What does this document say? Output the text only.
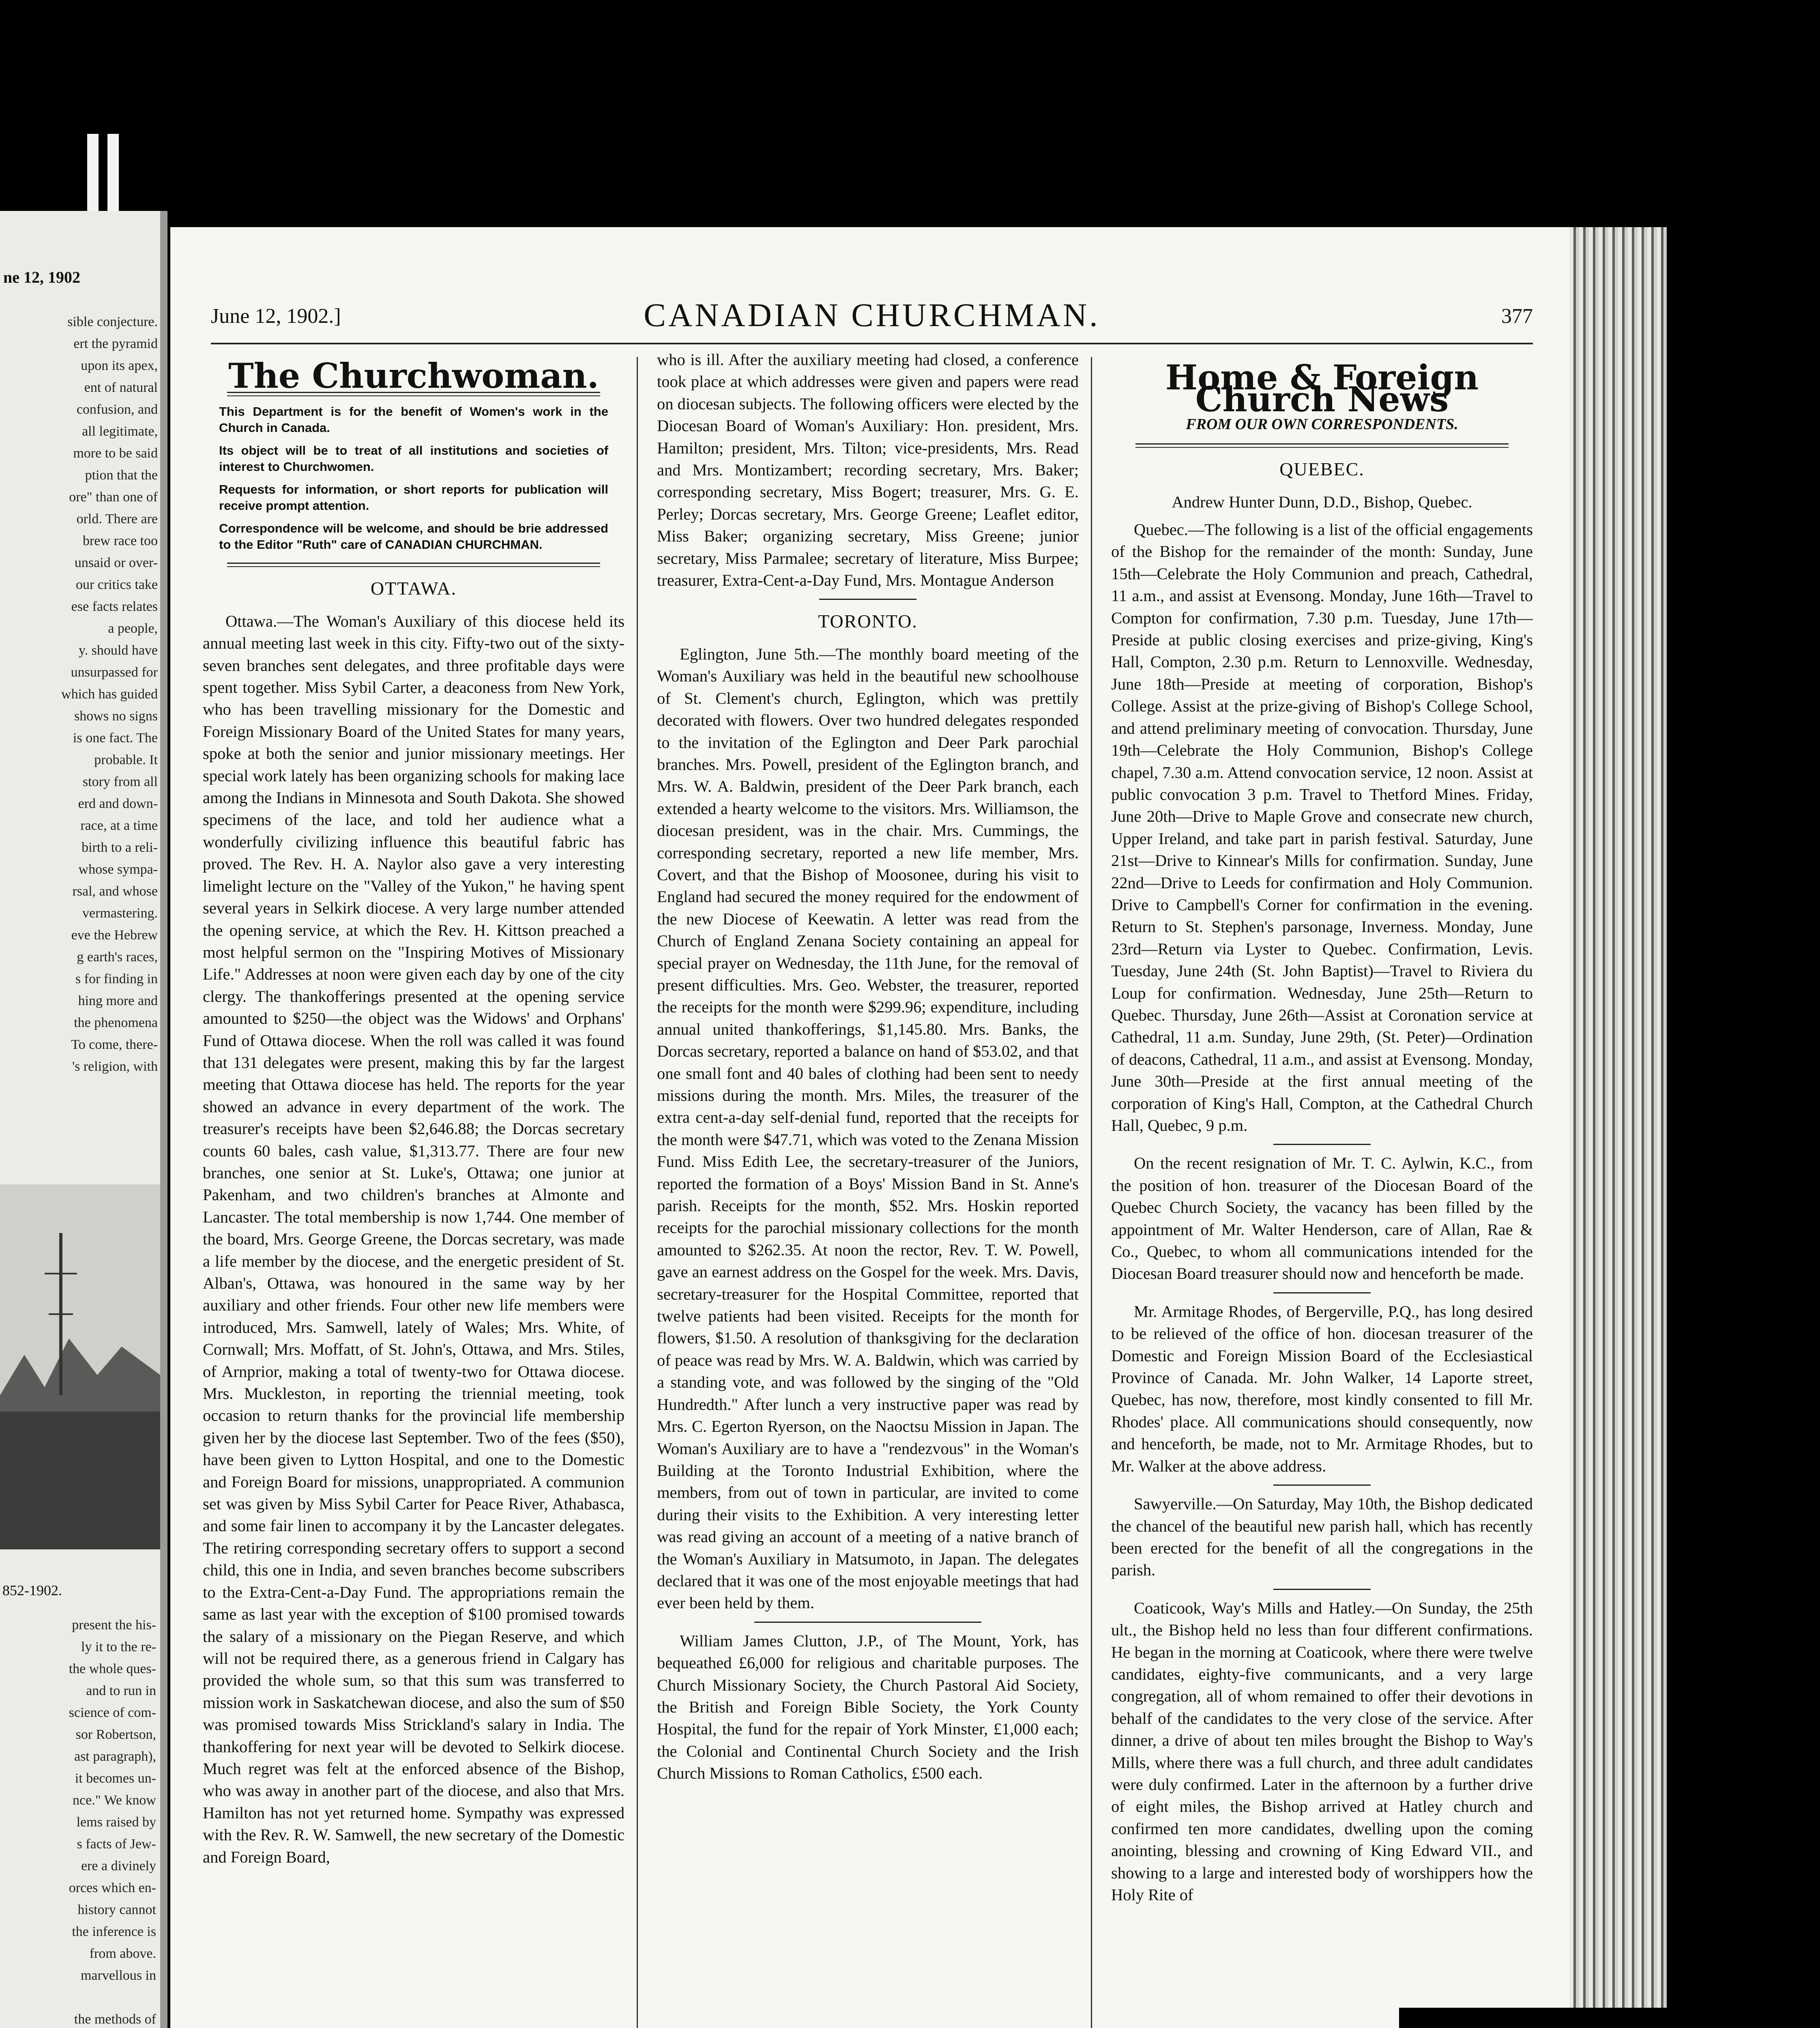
ne 12, 1902
sible conjecture.
ert the pyramid
upon its apex,
ent of natural
confusion, and
all legitimate,
more to be said
ption that the
ore" than one of
orld. There are
brew race too
unsaid or over-
our critics take
ese facts relates
a people,
y. should have
unsurpassed for
which has guided
shows no signs
is one fact. The
probable. It
story from all
erd and down-
race, at a time
birth to a reli-
whose sympa-
rsal, and whose
vermastering.
eve the Hebrew
g earth's races,
s for finding in
hing more and
the phenomena
To come, there-
's religion, with
852-1902.
present the his-
ly it to the re-
the whole ques-
and to run in
science of com-
sor Robertson,
ast paragraph),
it becomes un-
nce." We know
lems raised by
s facts of Jew-
ere a divinely
orces which en-
history cannot
the inference is
from above.
marvellous in

the methods of

June 12, 1902.]	CANADIAN CHURCHMAN.	377
The Churchwoman.

This Department is for the benefit of Women's work in the Church in Canada.

Its object will be to treat of all institutions and societies of interest to Churchwomen.

Requests for information, or short reports for publication will receive prompt attention.

Correspondence will be welcome, and should be brie addressed to the Editor "Ruth" care of CANADIAN CHURCHMAN.

OTTAWA.

Ottawa.—The Woman's Auxiliary of this diocese held its annual meeting last week in this city. Fifty-two out of the sixty-seven branches sent delegates, and three profitable days were spent together. Miss Sybil Carter, a deaconess from New York, who has been travelling missionary for the Domestic and Foreign Missionary Board of the United States for many years, spoke at both the senior and junior missionary meetings. Her special work lately has been organizing schools for making lace among the Indians in Minnesota and South Dakota. She showed specimens of the lace, and told her audience what a wonderfully civilizing influence this beautiful fabric has proved. The Rev. H. A. Naylor also gave a very interesting limelight lecture on the "Valley of the Yukon," he having spent several years in Selkirk diocese. A very large number attended the opening service, at which the Rev. H. Kittson preached a most helpful sermon on the "Inspiring Motives of Missionary Life." Addresses at noon were given each day by one of the city clergy. The thankofferings presented at the opening service amounted to $250—the object was the Widows' and Orphans' Fund of Ottawa diocese. When the roll was called it was found that 131 delegates were present, making this by far the largest meeting that Ottawa diocese has held. The reports for the year showed an advance in every department of the work. The treasurer's receipts have been $2,646.88; the Dorcas secretary counts 60 bales, cash value, $1,313.77. There are four new branches, one senior at St. Luke's, Ottawa; one junior at Pakenham, and two children's branches at Almonte and Lancaster. The total membership is now 1,744. One member of the board, Mrs. George Greene, the Dorcas secretary, was made a life member by the diocese, and the energetic president of St. Alban's, Ottawa, was honoured in the same way by her auxiliary and other friends. Four other new life members were introduced, Mrs. Samwell, lately of Wales; Mrs. White, of Cornwall; Mrs. Moffatt, of St. John's, Ottawa, and Mrs. Stiles, of Arnprior, making a total of twenty-two for Ottawa diocese. Mrs. Muckleston, in reporting the triennial meeting, took occasion to return thanks for the provincial life membership given her by the diocese last September. Two of the fees ($50), have been given to Lytton Hospital, and one to the Domestic and Foreign Board for missions, unappropriated. A communion set was given by Miss Sybil Carter for Peace River, Athabasca, and some fair linen to accompany it by the Lancaster delegates. The retiring corresponding secretary offers to support a second child, this one in India, and seven branches become subscribers to the Extra-Cent-a-Day Fund. The appropriations remain the same as last year with the exception of $100 promised towards the salary of a missionary on the Piegan Reserve, and which will not be required there, as a generous friend in Calgary has provided the whole sum, so that this sum was transferred to mission work in Saskatchewan diocese, and also the sum of $50 was promised towards Miss Strickland's salary in India. The thankoffering for next year will be devoted to Selkirk diocese. Much regret was felt at the enforced absence of the Bishop, who was away in another part of the diocese, and also that Mrs. Hamilton has not yet returned home. Sympathy was expressed with the Rev. R. W. Samwell, the new secretary of the Domestic and Foreign Board,

who is ill. After the auxiliary meeting had closed, a conference took place at which addresses were given and papers were read on diocesan subjects. The following officers were elected by the Diocesan Board of Woman's Auxiliary: Hon. president, Mrs. Hamilton; president, Mrs. Tilton; vice-presidents, Mrs. Read and Mrs. Montizambert; recording secretary, Mrs. Baker; corresponding secretary, Miss Bogert; treasurer, Mrs. G. E. Perley; Dorcas secretary, Mrs. George Greene; Leaflet editor, Miss Baker; organizing secretary, Miss Greene; junior secretary, Miss Parmalee; secretary of literature, Miss Burpee; treasurer, Extra-Cent-a-Day Fund, Mrs. Montague Anderson

TORONTO.

Eglington, June 5th.—The monthly board meeting of the Woman's Auxiliary was held in the beautiful new schoolhouse of St. Clement's church, Eglington, which was prettily decorated with flowers. Over two hundred delegates responded to the invitation of the Eglington and Deer Park parochial branches. Mrs. Powell, president of the Eglington branch, and Mrs. W. A. Baldwin, president of the Deer Park branch, each extended a hearty welcome to the visitors. Mrs. Williamson, the diocesan president, was in the chair. Mrs. Cummings, the corresponding secretary, reported a new life member, Mrs. Covert, and that the Bishop of Moosonee, during his visit to England had secured the money required for the endowment of the new Diocese of Keewatin. A letter was read from the Church of England Zenana Society containing an appeal for special prayer on Wednesday, the 11th June, for the removal of present difficulties. Mrs. Geo. Webster, the treasurer, reported the receipts for the month were $299.96; expenditure, including annual united thankofferings, $1,145.80. Mrs. Banks, the Dorcas secretary, reported a balance on hand of $53.02, and that one small font and 40 bales of clothing had been sent to needy missions during the month. Mrs. Miles, the treasurer of the extra cent-a-day self-denial fund, reported that the receipts for the month were $47.71, which was voted to the Zenana Mission Fund. Miss Edith Lee, the secretary-treasurer of the Juniors, reported the formation of a Boys' Mission Band in St. Anne's parish. Receipts for the month, $52. Mrs. Hoskin reported receipts for the parochial missionary collections for the month amounted to $262.35. At noon the rector, Rev. T. W. Powell, gave an earnest address on the Gospel for the week. Mrs. Davis, secretary-treasurer for the Hospital Committee, reported that twelve patients had been visited. Receipts for the month for flowers, $1.50. A resolution of thanksgiving for the declaration of peace was read by Mrs. W. A. Baldwin, which was carried by a standing vote, and was followed by the singing of the "Old Hundredth." After lunch a very instructive paper was read by Mrs. C. Egerton Ryerson, on the Naoctsu Mission in Japan. The Woman's Auxiliary are to have a "rendezvous" in the Woman's Building at the Toronto Industrial Exhibition, where the members, from out of town in particular, are invited to come during their visits to the Exhibition. A very interesting letter was read giving an account of a meeting of a native branch of the Woman's Auxiliary in Matsumoto, in Japan. The delegates declared that it was one of the most enjoyable meetings that had ever been held by them.

William James Clutton, J.P., of The Mount, York, has bequeathed £6,000 for religious and charitable purposes. The Church Missionary Society, the Church Pastoral Aid Society, the British and Foreign Bible Society, the York County Hospital, the fund for the repair of York Minster, £1,000 each; the Colonial and Continental Church Society and the Irish Church Missions to Roman Catholics, £500 each.

Home & Foreign Church News
FROM OUR OWN CORRESPONDENTS.
QUEBEC.

Andrew Hunter Dunn, D.D., Bishop, Quebec.

Quebec.—The following is a list of the official engagements of the Bishop for the remainder of the month: Sunday, June 15th—Celebrate the Holy Communion and preach, Cathedral, 11 a.m., and assist at Evensong. Monday, June 16th—Travel to Compton for confirmation, 7.30 p.m. Tuesday, June 17th—Preside at public closing exercises and prize-giving, King's Hall, Compton, 2.30 p.m. Return to Lennoxville. Wednesday, June 18th—Preside at meeting of corporation, Bishop's College. Assist at the prize-giving of Bishop's College School, and attend preliminary meeting of convocation. Thursday, June 19th—Celebrate the Holy Communion, Bishop's College chapel, 7.30 a.m. Attend convocation service, 12 noon. Assist at public convocation 3 p.m. Travel to Thetford Mines. Friday, June 20th—Drive to Maple Grove and consecrate new church, Upper Ireland, and take part in parish festival. Saturday, June 21st—Drive to Kinnear's Mills for confirmation. Sunday, June 22nd—Drive to Leeds for confirmation and Holy Communion. Drive to Campbell's Corner for confirmation in the evening. Return to St. Stephen's parsonage, Inverness. Monday, June 23rd—Return via Lyster to Quebec. Confirmation, Levis. Tuesday, June 24th (St. John Baptist)—Travel to Riviera du Loup for confirmation. Wednesday, June 25th—Return to Quebec. Thursday, June 26th—Assist at Coronation service at Cathedral, 11 a.m. Sunday, June 29th, (St. Peter)—Ordination of deacons, Cathedral, 11 a.m., and assist at Evensong. Monday, June 30th—Preside at the first annual meeting of the corporation of King's Hall, Compton, at the Cathedral Church Hall, Quebec, 9 p.m.

On the recent resignation of Mr. T. C. Aylwin, K.C., from the position of hon. treasurer of the Diocesan Board of the Quebec Church Society, the vacancy has been filled by the appointment of Mr. Walter Henderson, care of Allan, Rae & Co., Quebec, to whom all communications intended for the Diocesan Board treasurer should now and henceforth be made.

Mr. Armitage Rhodes, of Bergerville, P.Q., has long desired to be relieved of the office of hon. diocesan treasurer of the Domestic and Foreign Mission Board of the Ecclesiastical Province of Canada. Mr. John Walker, 14 Laporte street, Quebec, has now, therefore, most kindly consented to fill Mr. Rhodes' place. All communications should consequently, now and henceforth, be made, not to Mr. Armitage Rhodes, but to Mr. Walker at the above address.

Sawyerville.—On Saturday, May 10th, the Bishop dedicated the chancel of the beautiful new parish hall, which has recently been erected for the benefit of all the congregations in the parish.

Coaticook, Way's Mills and Hatley.—On Sunday, the 25th ult., the Bishop held no less than four different confirmations. He began in the morning at Coaticook, where there were twelve candidates, eighty-five communicants, and a very large congregation, all of whom remained to offer their devotions in behalf of the candidates to the very close of the service. After dinner, a drive of about ten miles brought the Bishop to Way's Mills, where there was a full church, and three adult candidates were duly confirmed. Later in the afternoon by a further drive of eight miles, the Bishop arrived at Hatley church and confirmed ten more candidates, dwelling upon the coming anointing, blessing and crowning of King Edward VII., and showing to a large and interested body of worshippers how the Holy Rite of
